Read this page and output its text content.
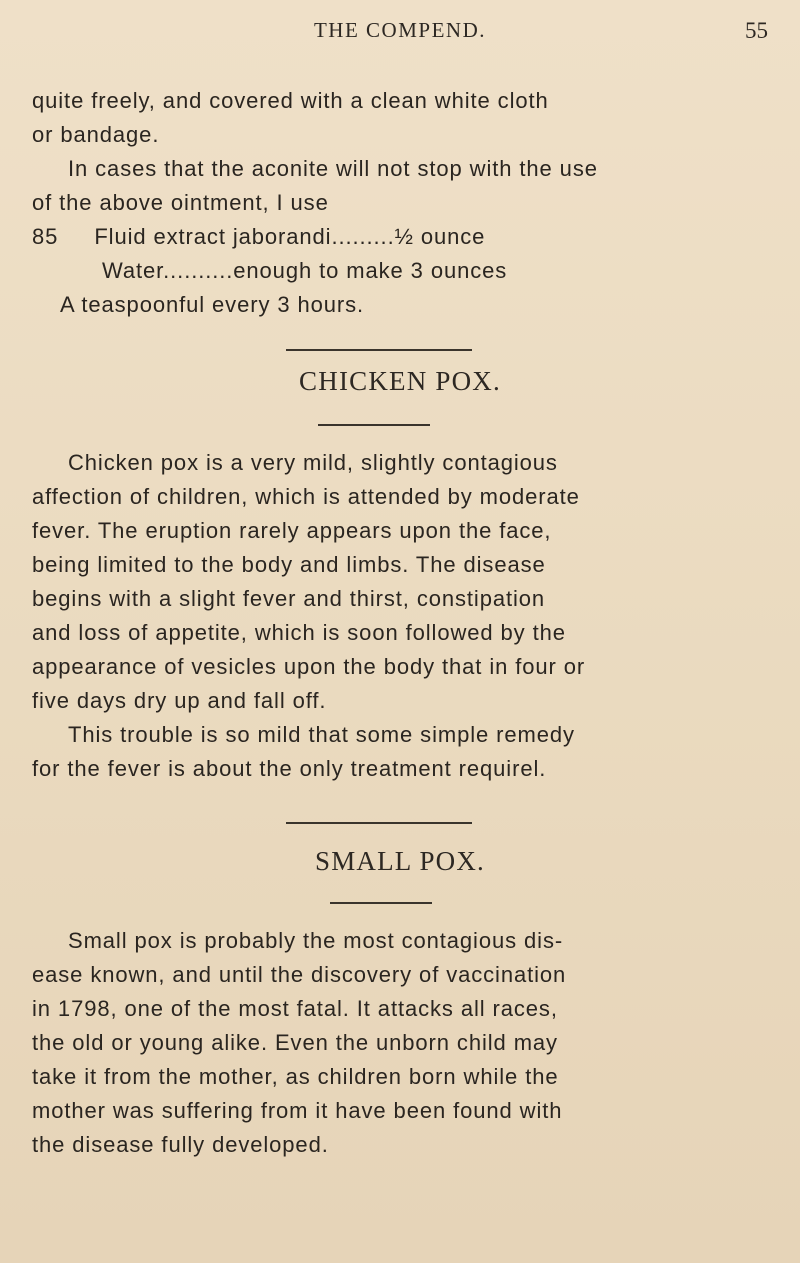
THE COMPEND.	55
quite freely, and covered with a clean white cloth
or bandage.
In cases that the aconite will not stop with the use
of the above ointment, I use
85 Fluid extract jaborandi.........½ ounce
Water..........enough to make 3 ounces
A teaspoonful every 3 hours.
CHICKEN POX.
Chicken pox is a very mild, slightly contagious
affection of children, which is attended by moderate
fever. The eruption rarely appears upon the face,
being limited to the body and limbs. The disease
begins with a slight fever and thirst, constipation
and loss of appetite, which is soon followed by the
appearance of vesicles upon the body that in four or
five days dry up and fall off.
This trouble is so mild that some simple remedy
for the fever is about the only treatment requirel.
SMALL POX.
Small pox is probably the most contagious dis-
ease known, and until the discovery of vaccination
in 1798, one of the most fatal. It attacks all races,
the old or young alike. Even the unborn child may
take it from the mother, as children born while the
mother was suffering from it have been found with
the disease fully developed.
